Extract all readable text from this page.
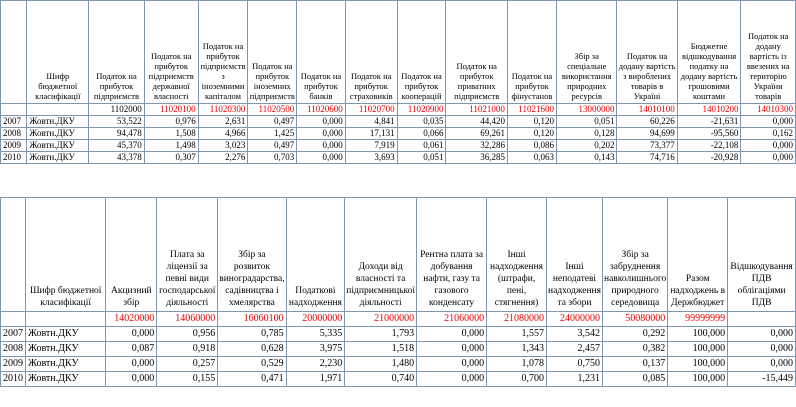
	Шифр бюджетної класифікації	Податок на прибуток підприємств	Податок на прибуток підприємств державної власності	Податок на прибуток підприємств з іноземними капіталом	Податок на прибуток іноземних підприємств	Податок на прибуток банків	Податок на прибуток страховиків	Податок на прибуток кооперацій	Податок на прибуток приватних підприємств	Податок на прибуток фінустанов	Збір за спеціальне використання природних ресурсів	Податок на додану вартість з вироблених товарів в Україні	Бюджетне відшкодування податку на додану вартість грошовими коштами	Податок на додану вартість із ввезених на територію України товарів
		1102000	11020100	11020300	11020500	11020600	11020700	11020900	11021000	11021600	13000000	14010100	14010200	14010300
2007	Жовтн.ДКУ	53,522	0,976	2,631	0,497	0,000	4,841	0,035	44,420	0,120	0,051	60,226	-21,631	0,000
2008	Жовтн.ДКУ	94,478	1,508	4,966	1,425	0,000	17,131	0,066	69,261	0,120	0,128	94,699	-95,560	0,162
2009	Жовтн.ДКУ	45,370	1,498	3,023	0,497	0,000	7,919	0,061	32,286	0,086	0,202	73,377	-22,108	0,000
2010	Жовтн.ДКУ	43,378	0,307	2,276	0,703	0,000	3,693	0,051	36,285	0,063	0,143	74,716	-20,928	0,000
	Шифр бюджетної класифікації	Акцизний збір	Плата за ліцензії за певні види господарської діяльності	Збір за розвиток виноградарства, садівництва і хмелярства	Податкові надходження	Доходи від власності та підприємницької діяльності	Рентна плата за добування нафти, газу та газового конденсату	Інші надходження (штрафи, пені, стягнення)	Інші неподатеві надходження та збори	Збір за забруднення навколишнього природного середовища	Разом надходжень в Держбюджет	Відшкодування ПДВ облігаціями ПДВ
		14020000	14060000	16060100	20000000	21000000	21060000	21080000	24000000	50080000	99999999	
2007	Жовтн.ДКУ	0,000	0,956	0,785	5,335	1,793	0,000	1,557	3,542	0,292	100,000	0,000
2008	Жовтн.ДКУ	0,087	0,918	0,628	3,975	1,518	0,000	1,343	2,457	0,382	100,000	0,000
2009	Жовтн.ДКУ	0,000	0,257	0,529	2,230	1,480	0,000	1,078	0,750	0,137	100,000	0,000
2010	Жовтн.ДКУ	0,000	0,155	0,471	1,971	0,740	0,000	0,700	1,231	0,085	100,000	-15,449
